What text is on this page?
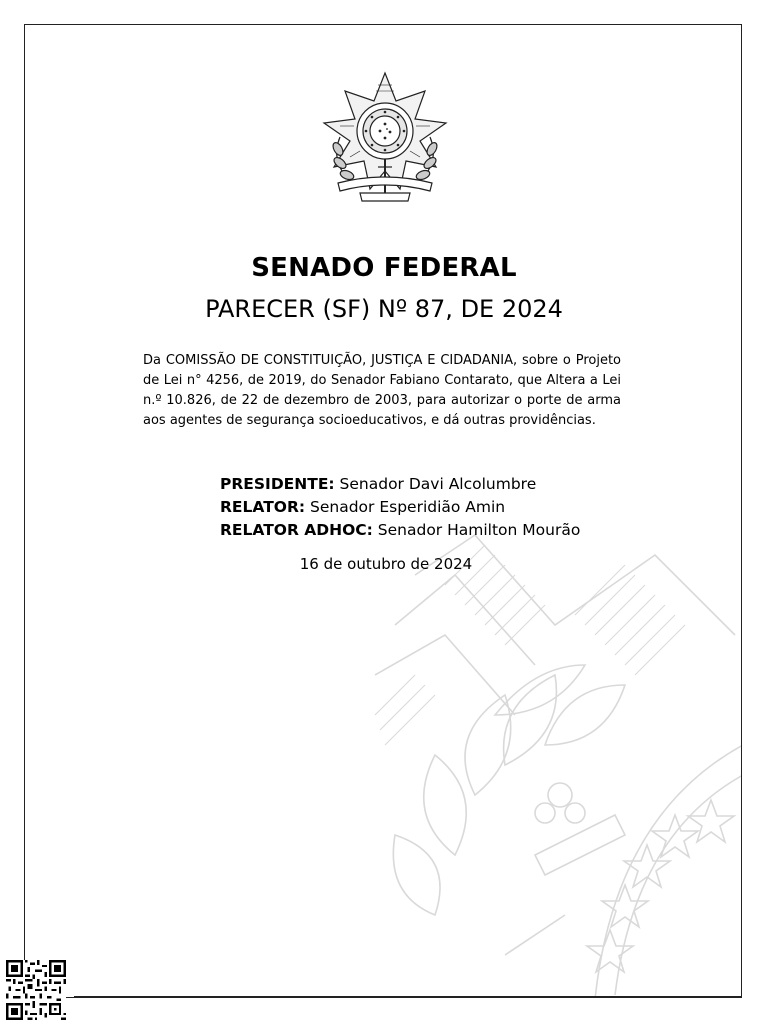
SENADO FEDERAL
PARECER (SF) Nº 87, DE 2024
Da COMISSÃO DE CONSTITUIÇÃO, JUSTIÇA E CIDADANIA, sobre o Projeto de Lei n° 4256, de 2019, do Senador Fabiano Contarato, que Altera a Lei n.º 10.826, de 22 de dezembro de 2003, para autorizar o porte de arma aos agentes de segurança socioeducativos, e dá outras providências.
PRESIDENTE: Senador Davi Alcolumbre
RELATOR: Senador Esperidião Amin
RELATOR ADHOC: Senador Hamilton Mourão
16 de outubro de 2024
